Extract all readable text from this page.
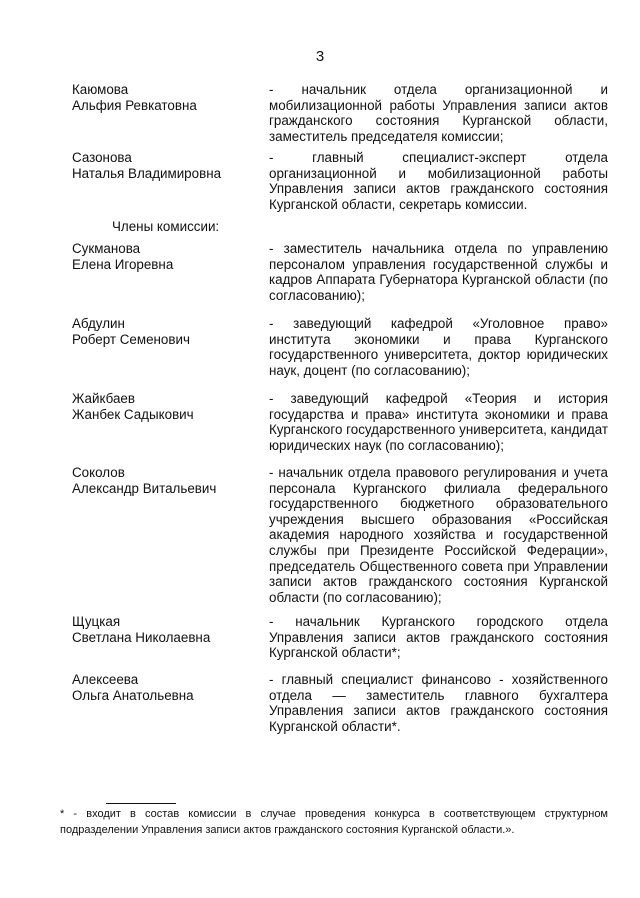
3
Каюмова
Альфия Ревкатовна
- начальник отдела организационной и мобилизационной работы Управления записи актов гражданского состояния Курганской области, заместитель председателя комиссии;
Сазонова
Наталья Владимировна
- главный специалист-эксперт отдела организационной и мобилизационной работы Управления записи актов гражданского состояния Курганской области, секретарь комиссии.
Члены комиссии:
Сукманова
Елена Игоревна
- заместитель начальника отдела по управлению персоналом управления государственной службы и кадров Аппарата Губернатора Курганской области (по согласованию);
Абдулин
Роберт Семенович
- заведующий кафедрой «Уголовное право» института экономики и права Курганского государственного университета, доктор юридических наук, доцент (по согласованию);
Жайкбаев
Жанбек Садыкович
- заведующий кафедрой «Теория и история государства и права» института экономики и права Курганского государственного университета, кандидат юридических наук (по согласованию);
Соколов
Александр Витальевич
- начальник отдела правового регулирования и учета персонала Курганского филиала федерального государственного бюджетного образовательного учреждения высшего образования «Российская академия народного хозяйства и государственной службы при Президенте Российской Федерации», председатель Общественного совета при Управлении записи актов гражданского состояния Курганской области (по согласованию);
Щуцкая
Светлана Николаевна
- начальник Курганского городского отдела Управления записи актов гражданского состояния Курганской области*;
Алексеева
Ольга Анатольевна
- главный специалист финансово - хозяйственного отдела — заместитель главного бухгалтера Управления записи актов гражданского состояния Курганской области*.
* - входит в состав комиссии в случае проведения конкурса в соответствующем структурном подразделении Управления записи актов гражданского состояния Курганской области.».
